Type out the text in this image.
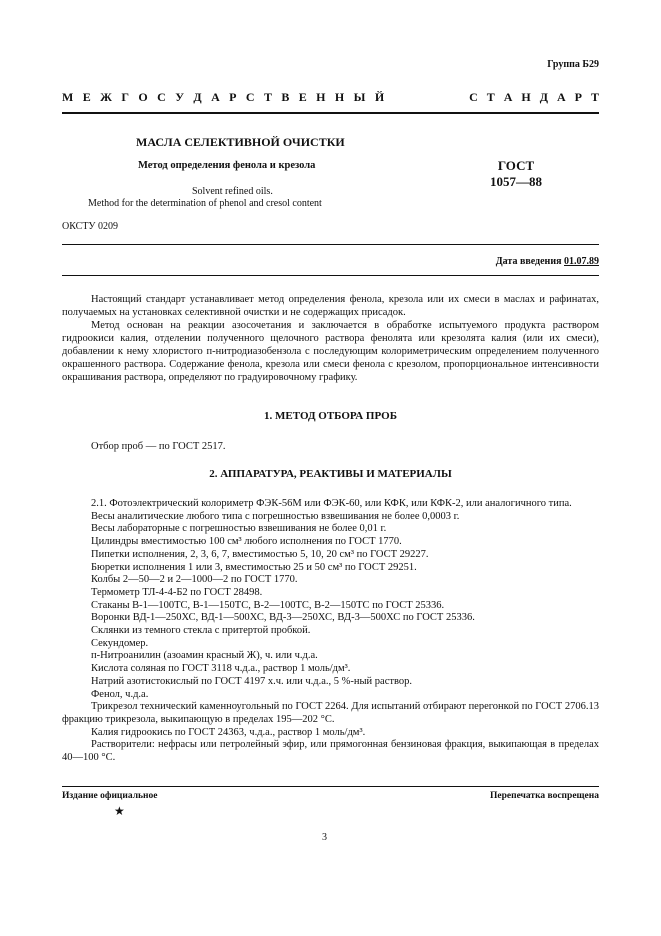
Группа Б29
М Е Ж Г О С У Д А Р С Т В Е Н Н Ы Й	С Т А Н Д А Р Т
МАСЛА СЕЛЕКТИВНОЙ ОЧИСТКИ
Метод определения фенола и крезола	ГОСТ
1057—88
Solvent refined oils.
Method for the determination of phenol and cresol content
ОКСТУ 0209
Дата введения 01.07.89
Настоящий стандарт устанавливает метод определения фенола, крезола или их смеси в маслах и рафинатах, получаемых на установках селективной очистки и не содержащих присадок.
Метод основан на реакции азосочетания и заключается в обработке испытуемого продукта раствором гидроокиси калия, отделении полученного щелочного раствора фенолята или крезолята калия (или их смеси), добавлении к нему хлористого п-нитродиазобензола с последующим колориметрическим определением полученного окрашенного раствора. Содержание фенола, крезола или смеси фенола с крезолом, пропорциональное интенсивности окрашивания раствора, определяют по градуировочному графику.
1. МЕТОД ОТБОРА ПРОБ
Отбор проб — по ГОСТ 2517.
2. АППАРАТУРА, РЕАКТИВЫ И МАТЕРИАЛЫ
2.1. Фотоэлектрический колориметр ФЭК-56М или ФЭК-60, или КФК, или КФК-2, или аналогичного типа.
Весы аналитические любого типа с погрешностью взвешивания не более 0,0003 г.
Весы лабораторные с погрешностью взвешивания не более 0,01 г.
Цилиндры вместимостью 100 см³ любого исполнения по ГОСТ 1770.
Пипетки исполнения, 2, 3, 6, 7, вместимостью 5, 10, 20 см³ по ГОСТ 29227.
Бюретки исполнения 1 или 3, вместимостью 25 и 50 см³ по ГОСТ 29251.
Колбы 2—50—2 и 2—1000—2 по ГОСТ 1770.
Термометр ТЛ-4-4-Б2 по ГОСТ 28498.
Стаканы В-1—100ТС, В-1—150ТС, В-2—100ТС, В-2—150ТС по ГОСТ 25336.
Воронки ВД-1—250ХС, ВД-1—500ХС, ВД-3—250ХС, ВД-3—500ХС по ГОСТ 25336.
Склянки из темного стекла с притертой пробкой.
Секундомер.
п-Нитроанилин (азоамин красный Ж), ч. или ч.д.а.
Кислота соляная по ГОСТ 3118 ч.д.а., раствор 1 моль/дм³.
Натрий азотистокислый по ГОСТ 4197 х.ч. или ч.д.а., 5 %-ный раствор.
Фенол, ч.д.а.
Трикрезол технический каменноугольный по ГОСТ 2264. Для испытаний отбирают перегонкой по ГОСТ 2706.13 фракцию трикрезола, выкипающую в пределах 195—202 °С.
Калия гидроокись по ГОСТ 24363, ч.д.а., раствор 1 моль/дм³.
Растворители: нефрасы или петролейный эфир, или прямогонная бензиновая фракция, выкипающая в пределах 40—100 °С.
Издание официальное	Перепечатка воспрещена
★
3
